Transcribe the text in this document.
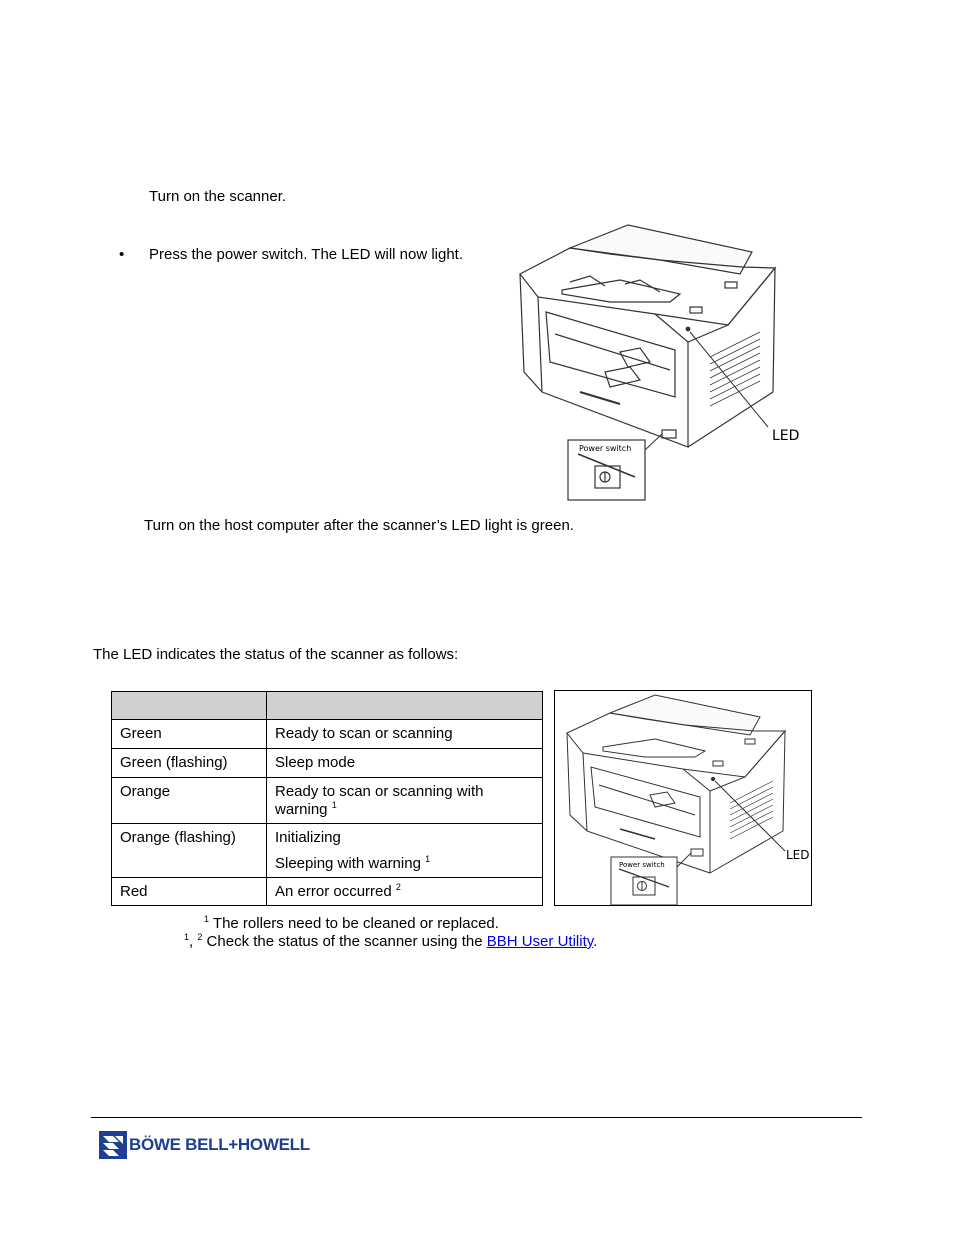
Turn on the scanner.
• Press the power switch. The LED will now light.
LED
Power switch
Turn on the host computer after the scanner’s LED light is green.
The LED indicates the status of the scanner as follows:

Green	Ready to scan or scanning
Green (flashing)	Sleep mode
Orange	Ready to scan or scanning with warning $^1$
Orange (flashing)	Initializing
Sleeping with warning $^1$

Red	An error occurred $^2$
LED
Power switch
$^1$ The rollers need to be cleaned or replaced.
$^1$, $^2$ Check the status of the scanner using the BBH User Utility.
BÖWE BELL+HOWELL
